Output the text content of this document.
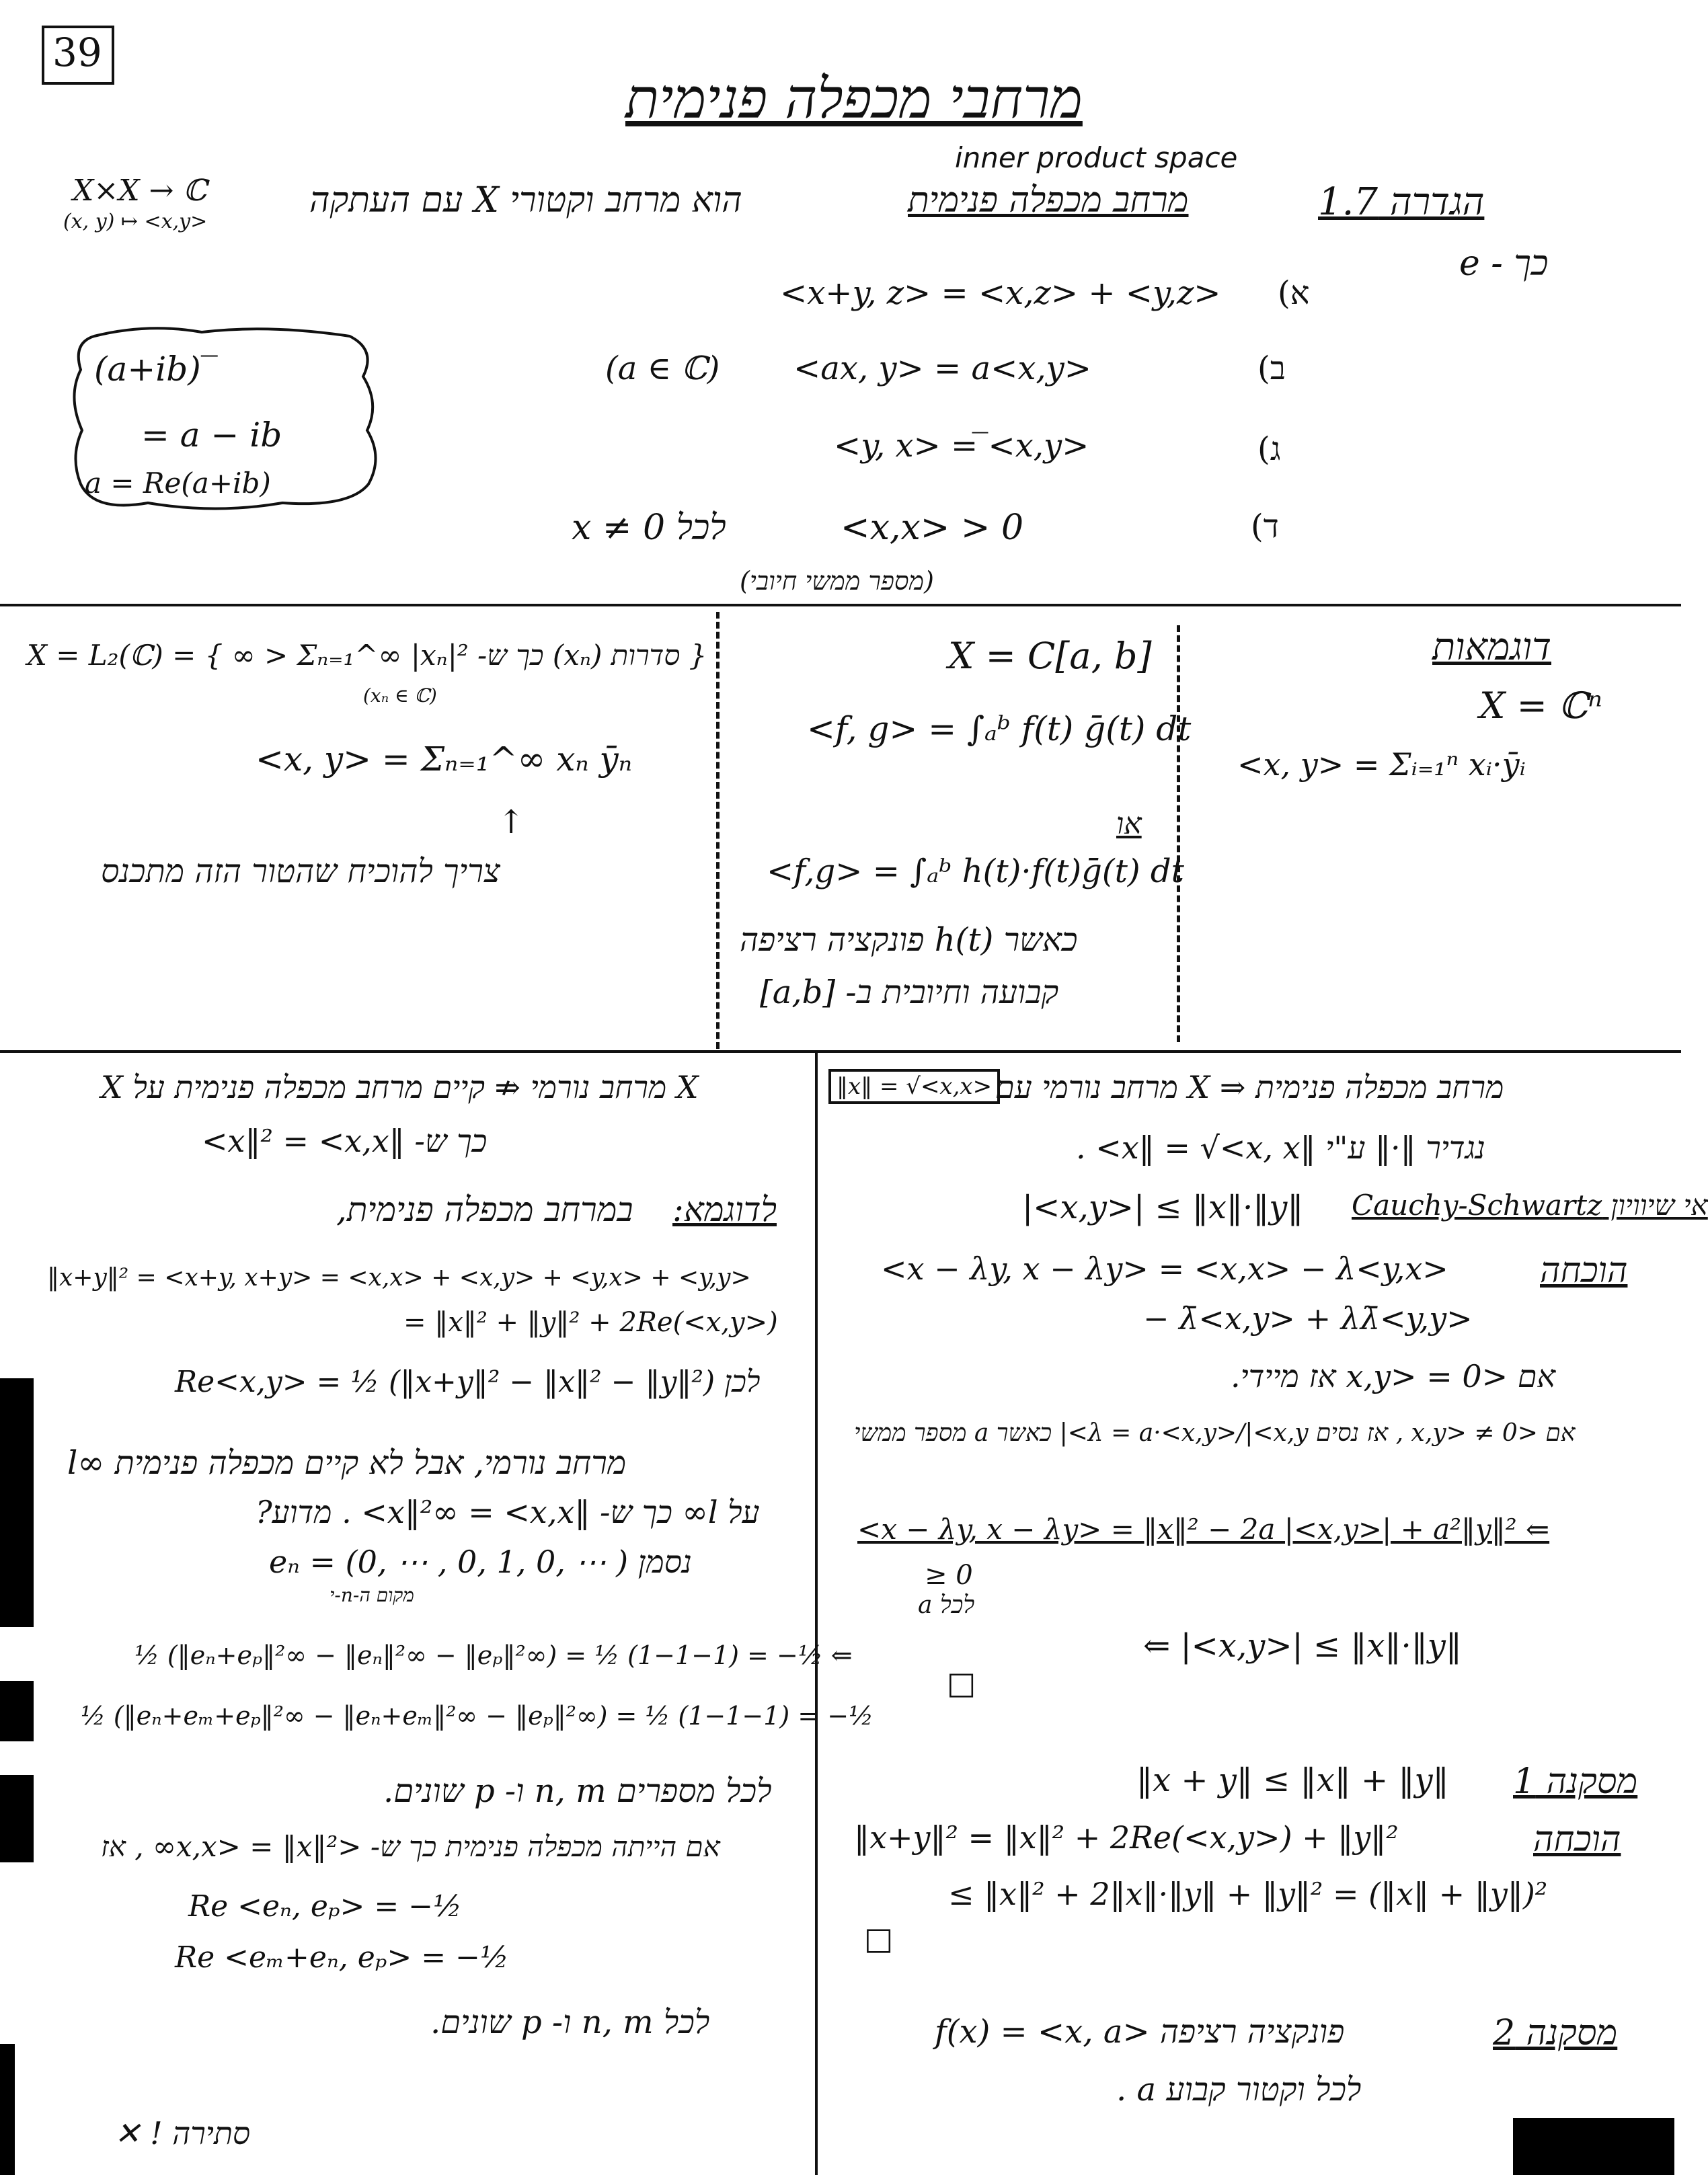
39
מרחבי מכפלה פנימית
inner product space
X×X → ℂ
(x, y) ↦ <x,y>
הוא מרחב וקטורי X עם העתקה	מרחב מכפלה פנימית	הגדרה 1.7
כך - e
<x+y, z> = <x,z> + <y,z> א)
(a ∈ ℂ) <ax, y> = a<x,y>	ב)
<y, x> = ̅<x,y>	ג)
לכל 0 ≠ x	<x,x> > 0	ד)
(מספר ממשי חיובי)
(a+ib)‾
= a − ib
a = Re(a+ib)
דוגמאות
X = ℂⁿ
<x, y> = Σᵢ₌₁ⁿ xᵢ·ȳᵢ
X = C[a, b]
<f, g> = ∫ₐᵇ f(t) ḡ(t) dt
או
<f,g> = ∫ₐᵇ h(t)·f(t)ḡ(t) dt
כאשר h(t) פונקציה רציפה
קבועה וחיובית ב- [a,b]
{ סדרות (xₙ) כך ש- Σₙ₌₁^∞ |xₙ|² < ∞ } = X = L₂(ℂ)
(xₙ ∈ ℂ)
<x, y> = Σₙ₌₁^∞ xₙ ȳₙ
↑
צריך להוכיח שהטור הזה מתכנס
מרחב מכפלה פנימית ⇒ X מרחב נורמי עם
‖x‖ = √<x,x>
נגדיר ‖·‖ ע"י ‖x‖ = √<x, x> .
אי שיוויון Cauchy-Schwartz
|<x,y>| ≤ ‖x‖·‖y‖
הוכחה
<x − λy, x − λy> = <x,x> − λ<y,x>
− λ̄<x,y> + λλ̄<y,y>
אם <x,y> = 0 אז מיידי.
אם <x,y> ≠ 0 , אז נסים λ = a·<x,y>/|<x,y>| כאשר a מספר ממשי
<x − λy, x − λy> = ‖x‖² − 2a |<x,y>| + a²‖y‖² ⇐
≥ 0
לכל a
⇐ |<x,y>| ≤ ‖x‖·‖y‖
□
מסקנה 1
‖x + y‖ ≤ ‖x‖ + ‖y‖
הוכחה
‖x+y‖² = ‖x‖² + 2Re(<x,y>) + ‖y‖²
≤ ‖x‖² + 2‖x‖·‖y‖ + ‖y‖² = (‖x‖ + ‖y‖)²
□
מסקנה 2
f(x) = <x, a> פונקציה רציפה
לכל וקטור קבוע a .
X מרחב נורמי ⇏ קיים מרחב מכפלה פנימית על X
כך ש- ‖x‖² = <x,x>
לדוגמא:
במרחב מכפלה פנימית,
‖x+y‖² = <x+y, x+y> = <x,x> + <x,y> + <y,x> + <y,y>
= ‖x‖² + ‖y‖² + 2Re(<x,y>)
לכן Re<x,y> = ½ (‖x+y‖² − ‖x‖² − ‖y‖²)
l∞ מרחב נורמי, אבל לא קיים מכפלה פנימית
על l∞ כך ש- ‖x‖²∞ = <x,x> . מדוע?
נסמן eₙ = (0, ⋯ , 0, 1, 0, ⋯ )
מקום ה-n-י
½ (‖eₙ+eₚ‖²∞ − ‖eₙ‖²∞ − ‖eₚ‖²∞) = ½ (1−1−1) = −½ ⇐
½ (‖eₙ+eₘ+eₚ‖²∞ − ‖eₙ+eₘ‖²∞ − ‖eₚ‖²∞) = ½ (1−1−1) = −½
לכל מספרים n, m ו- p שונים.
אם הייתה מכפלה פנימית כך ש- <x,x> = ‖x‖²∞ , אז
Re <eₙ, eₚ> = −½
Re <eₘ+eₙ, eₚ> = −½
לכל n, m ו- p שונים.
סתירה ! ✕
